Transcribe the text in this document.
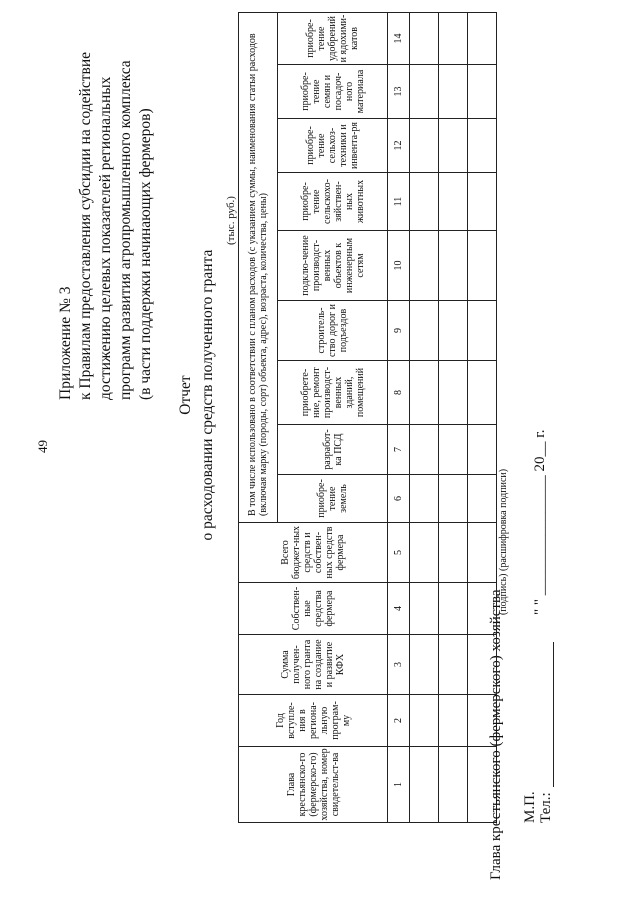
49
Приложение № 3 к Правилам предоставления субсидии на содействие достижению целевых показателей региональных программ развития агропромышленного комплекса (в части поддержки начинающих фермеров) Отчет о расходовании средств полученного гранта
(тыс. руб.)
Глава крестьянско-го (фермерско-го) хозяйства, номер свидетельст-ва	Год вступле-ния в региона-льную програм-му	Сумма получен-ного гранта на создание и развитие КФХ	Собствен-ные средства фермера	Всего бюджет-ных средств и собствен-ных средств фермера	В том числе использовано в соответствии с планом расходов (с указанием суммы, наименования статьи расходов (включая марку (породы, сорт) объекта, адрес), возраста, количества, цены)								
					приобре-тение земель	разработ-ка ПСД	приобрете-ние, ремонт производст-венных зданий, помещений	строитель-ство дорог и подъездов	подклю-чение производст-венных объектов к инженерным сетям	приобре-тение сельскохо-зяйствен-ных животных	приобре-тение сельхоз-техники и инвента-ря	приобре-тение семян и посадоч-ного материала	приобре-тение удобрений и ядохими-катов
1	2	3	4	5	6	7	8	9	10	11	12	13	14

Глава крестьянского (фермерского) хозяйства
(подпись) (расшифровка подписи)
М.П. Тел.:
" " ________________ 20__ г.
